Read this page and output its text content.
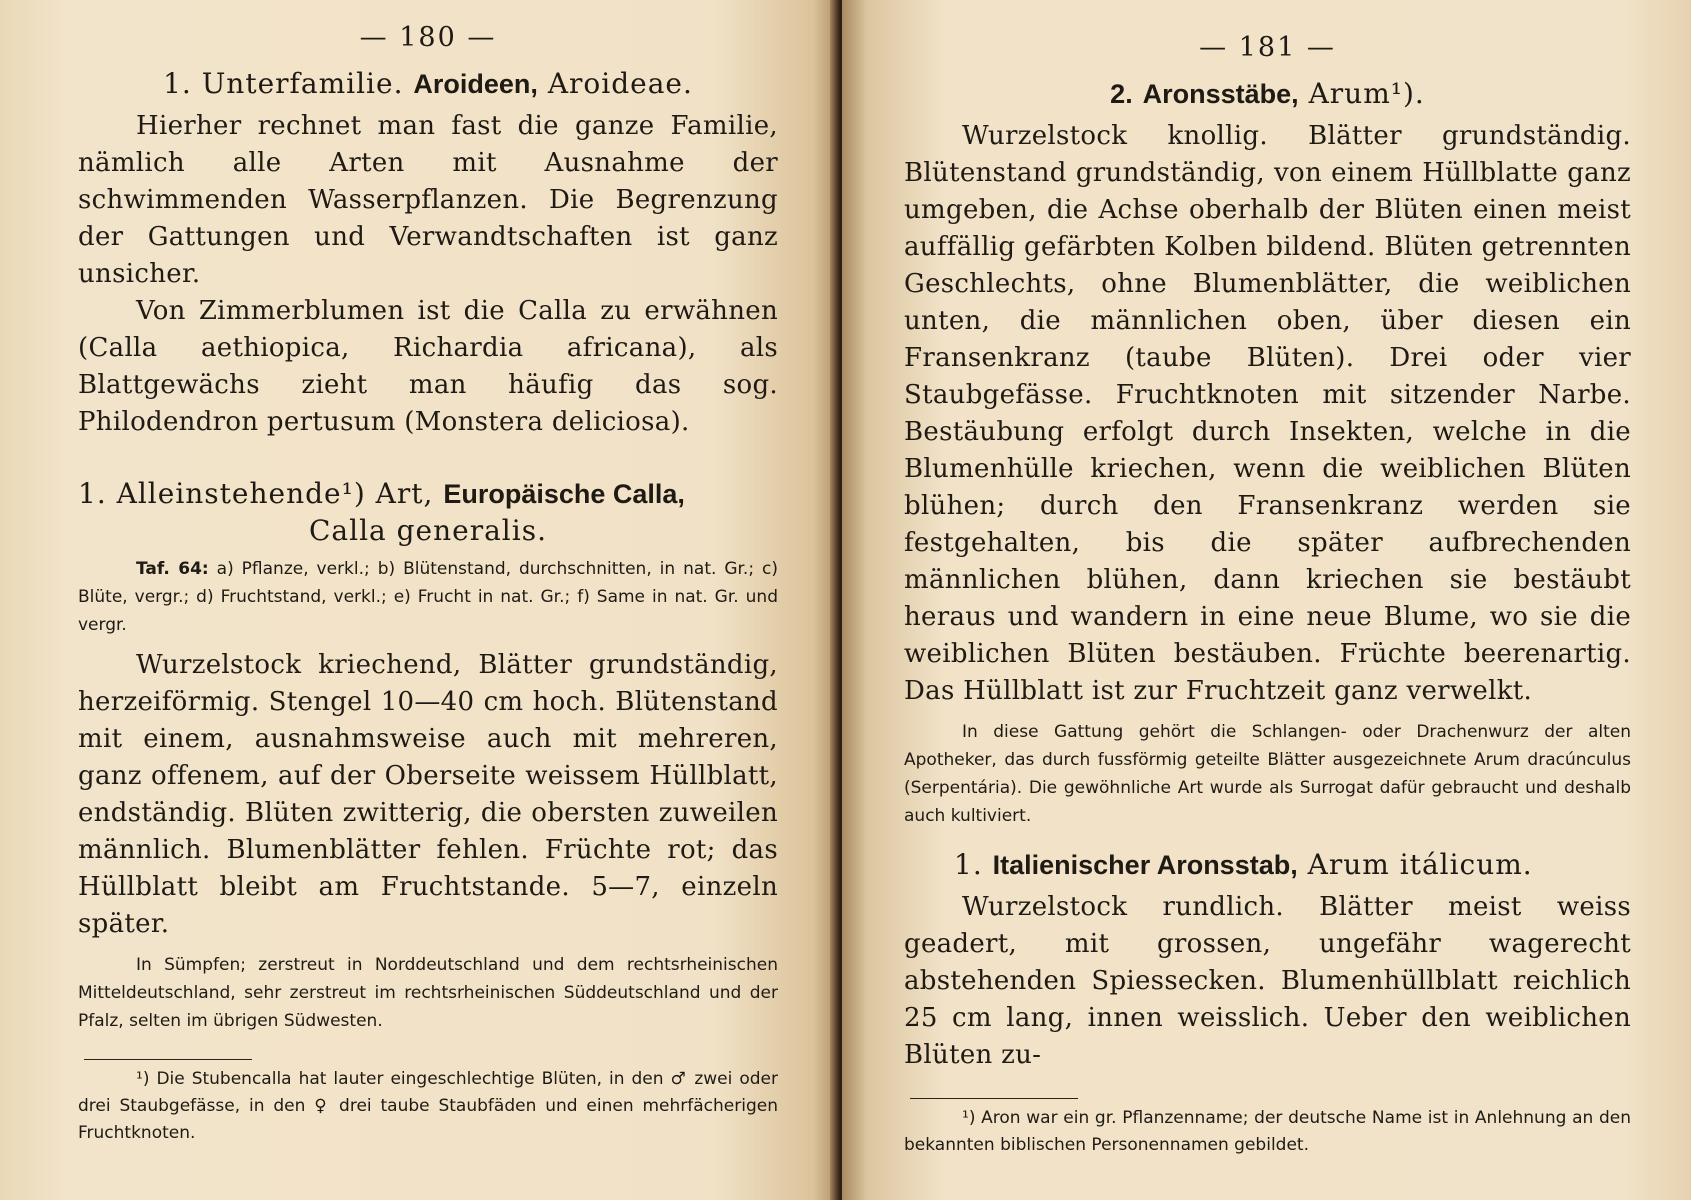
— 180 —
1. Unterfamilie. Aroideen, Aroideae.

Hierher rechnet man fast die ganze Familie, nämlich alle Arten mit Ausnahme der schwimmenden Wasserpflanzen. Die Begrenzung der Gattungen und Verwandtschaften ist ganz unsicher.

Von Zimmerblumen ist die Calla zu erwähnen (Calla aethiopica, Richardia africana), als Blattgewächs zieht man häufig das sog. Philodendron pertusum (Monstera deliciosa).

1. Alleinstehende¹) Art, Europäische Calla,
Calla generalis.

Taf. 64: a) Pflanze, verkl.; b) Blütenstand, durchschnitten, in nat. Gr.; c) Blüte, vergr.; d) Fruchtstand, verkl.; e) Frucht in nat. Gr.; f) Same in nat. Gr. und vergr.

Wurzelstock kriechend, Blätter grundständig, herzeiförmig. Stengel 10—40 cm hoch. Blütenstand mit einem, ausnahmsweise auch mit mehreren, ganz offenem, auf der Oberseite weissem Hüllblatt, endständig. Blüten zwitterig, die obersten zuweilen männlich. Blumenblätter fehlen. Früchte rot; das Hüllblatt bleibt am Fruchtstande. 5—7, einzeln später.

In Sümpfen; zerstreut in Norddeutschland und dem rechtsrheinischen Mitteldeutschland, sehr zerstreut im rechtsrheinischen Süddeutschland und der Pfalz, selten im übrigen Südwesten.

¹) Die Stubencalla hat lauter eingeschlechtige Blüten, in den ♂ zwei oder drei Staubgefässe, in den ♀ drei taube Staubfäden und einen mehrfächerigen Fruchtknoten.

— 181 —
2. Aronsstäbe, Arum¹).

Wurzelstock knollig. Blätter grundständig. Blütenstand grundständig, von einem Hüllblatte ganz umgeben, die Achse oberhalb der Blüten einen meist auffällig gefärbten Kolben bildend. Blüten getrennten Geschlechts, ohne Blumenblätter, die weiblichen unten, die männlichen oben, über diesen ein Fransenkranz (taube Blüten). Drei oder vier Staubgefässe. Fruchtknoten mit sitzender Narbe. Bestäubung erfolgt durch Insekten, welche in die Blumenhülle kriechen, wenn die weiblichen Blüten blühen; durch den Fransenkranz werden sie festgehalten, bis die später aufbrechenden männlichen blühen, dann kriechen sie bestäubt heraus und wandern in eine neue Blume, wo sie die weiblichen Blüten bestäuben. Früchte beerenartig. Das Hüllblatt ist zur Fruchtzeit ganz verwelkt.

In diese Gattung gehört die Schlangen- oder Drachenwurz der alten Apotheker, das durch fussförmig geteilte Blätter ausgezeichnete Arum dracúnculus (Serpentária). Die gewöhnliche Art wurde als Surrogat dafür gebraucht und deshalb auch kultiviert.

1. Italienischer Aronsstab, Arum itálicum.

Wurzelstock rundlich. Blätter meist weiss geadert, mit grossen, ungefähr wagerecht abstehenden Spiessecken. Blumenhüllblatt reichlich 25 cm lang, innen weisslich. Ueber den weiblichen Blüten zu-

¹) Aron war ein gr. Pflanzenname; der deutsche Name ist in Anlehnung an den bekannten biblischen Personennamen gebildet.
